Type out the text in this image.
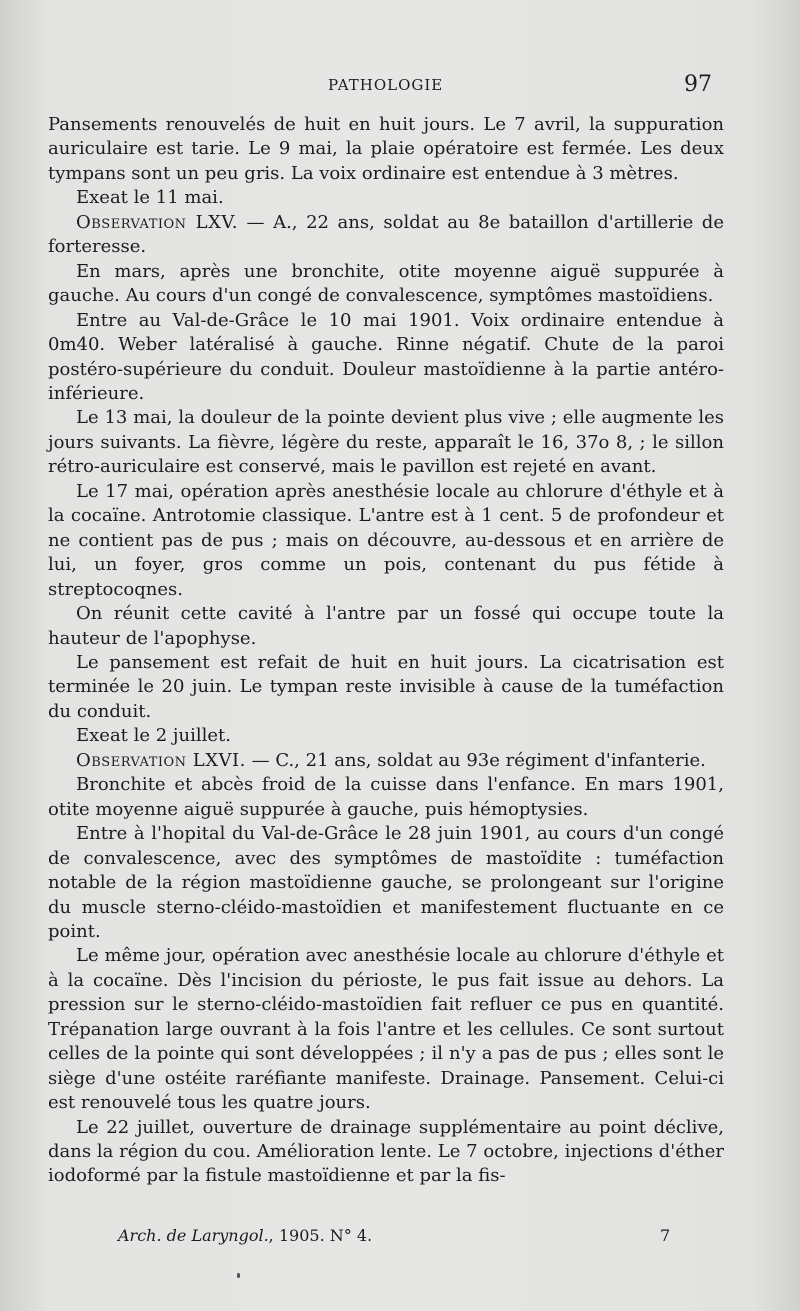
PATHOLOGIE	97

Pansements renouvelés de huit en huit jours. Le 7 avril, la suppuration auriculaire est tarie. Le 9 mai, la plaie opératoire est fermée. Les deux tympans sont un peu gris. La voix ordinaire est entendue à 3 mètres.

Exeat le 11 mai.

Observation LXV. — A., 22 ans, soldat au 8e bataillon d'artillerie de forteresse.

En mars, après une bronchite, otite moyenne aiguë suppurée à gauche. Au cours d'un congé de convalescence, symptômes mastoïdiens.

Entre au Val-de-Grâce le 10 mai 1901. Voix ordinaire entendue à 0m40. Weber latéralisé à gauche. Rinne négatif. Chute de la paroi postéro-supérieure du conduit. Douleur mastoïdienne à la partie antéro-inférieure.

Le 13 mai, la douleur de la pointe devient plus vive ; elle augmente les jours suivants. La fièvre, légère du reste, apparaît le 16, 37o 8, ; le sillon rétro-auriculaire est conservé, mais le pavillon est rejeté en avant.

Le 17 mai, opération après anesthésie locale au chlorure d'éthyle et à la cocaïne. Antrotomie classique. L'antre est à 1 cent. 5 de profondeur et ne contient pas de pus ; mais on découvre, au-dessous et en arrière de lui, un foyer, gros comme un pois, contenant du pus fétide à streptocoqnes.

On réunit cette cavité à l'antre par un fossé qui occupe toute la hauteur de l'apophyse.

Le pansement est refait de huit en huit jours. La cicatrisation est terminée le 20 juin. Le tympan reste invisible à cause de la tuméfaction du conduit.

Exeat le 2 juillet.

Observation LXVI. — C., 21 ans, soldat au 93e régiment d'infanterie.

Bronchite et abcès froid de la cuisse dans l'enfance. En mars 1901, otite moyenne aiguë suppurée à gauche, puis hémoptysies.

Entre à l'hopital du Val-de-Grâce le 28 juin 1901, au cours d'un congé de convalescence, avec des symptômes de mastoïdite : tuméfaction notable de la région mastoïdienne gauche, se prolongeant sur l'origine du muscle sterno-cléido-mastoïdien et manifestement fluctuante en ce point.

Le même jour, opération avec anesthésie locale au chlorure d'éthyle et à la cocaïne. Dès l'incision du périoste, le pus fait issue au dehors. La pression sur le sterno-cléido-mastoïdien fait refluer ce pus en quantité. Trépanation large ouvrant à la fois l'antre et les cellules. Ce sont surtout celles de la pointe qui sont développées ; il n'y a pas de pus ; elles sont le siège d'une ostéite raréfiante manifeste. Drainage. Pansement. Celui-ci est renouvelé tous les quatre jours.

Le 22 juillet, ouverture de drainage supplémentaire au point déclive, dans la région du cou. Amélioration lente. Le 7 octobre, injections d'éther iodoformé par la fistule mastoïdienne et par la fis-

Arch. de Laryngol., 1905. N° 4.	7
